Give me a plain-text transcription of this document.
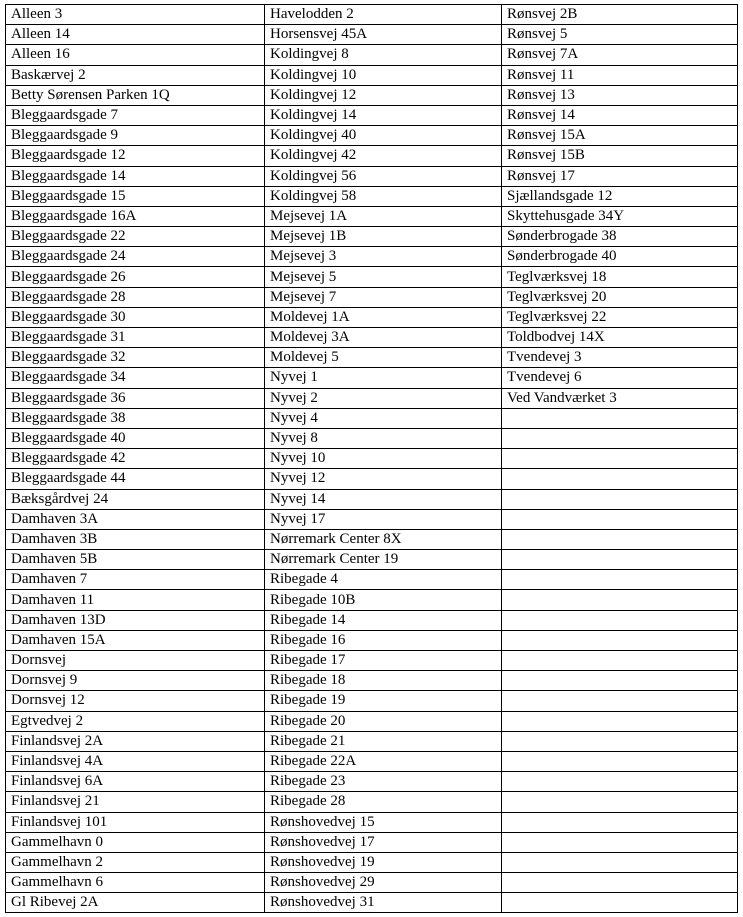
Alleen 3	Havelodden 2	Rønsvej 2B
Alleen 14	Horsensvej 45A	Rønsvej 5
Alleen 16	Koldingvej 8	Rønsvej 7A
Baskærvej 2	Koldingvej 10	Rønsvej 11
Betty Sørensen Parken 1Q	Koldingvej 12	Rønsvej 13
Bleggaardsgade 7	Koldingvej 14	Rønsvej 14
Bleggaardsgade 9	Koldingvej 40	Rønsvej 15A
Bleggaardsgade 12	Koldingvej 42	Rønsvej 15B
Bleggaardsgade 14	Koldingvej 56	Rønsvej 17
Bleggaardsgade 15	Koldingvej 58	Sjællandsgade 12
Bleggaardsgade 16A	Mejsevej 1A	Skyttehusgade 34Y
Bleggaardsgade 22	Mejsevej 1B	Sønderbrogade 38
Bleggaardsgade 24	Mejsevej 3	Sønderbrogade 40
Bleggaardsgade 26	Mejsevej 5	Teglværksvej 18
Bleggaardsgade 28	Mejsevej 7	Teglværksvej 20
Bleggaardsgade 30	Moldevej 1A	Teglværksvej 22
Bleggaardsgade 31	Moldevej 3A	Toldbodvej 14X
Bleggaardsgade 32	Moldevej 5	Tvendevej 3
Bleggaardsgade 34	Nyvej 1	Tvendevej 6
Bleggaardsgade 36	Nyvej 2	Ved Vandværket 3
Bleggaardsgade 38	Nyvej 4	
Bleggaardsgade 40	Nyvej 8	
Bleggaardsgade 42	Nyvej 10	
Bleggaardsgade 44	Nyvej 12	
Bæksgårdvej 24	Nyvej 14	
Damhaven 3A	Nyvej 17	
Damhaven 3B	Nørremark Center 8X	
Damhaven 5B	Nørremark Center 19	
Damhaven 7	Ribegade 4	
Damhaven 11	Ribegade 10B	
Damhaven 13D	Ribegade 14	
Damhaven 15A	Ribegade 16	
Dornsvej	Ribegade 17	
Dornsvej 9	Ribegade 18	
Dornsvej 12	Ribegade 19	
Egtvedvej 2	Ribegade 20	
Finlandsvej 2A	Ribegade 21	
Finlandsvej 4A	Ribegade 22A	
Finlandsvej 6A	Ribegade 23	
Finlandsvej 21	Ribegade 28	
Finlandsvej 101	Rønshovedvej 15	
Gammelhavn 0	Rønshovedvej 17	
Gammelhavn 2	Rønshovedvej 19	
Gammelhavn 6	Rønshovedvej 29	
Gl Ribevej 2A	Rønshovedvej 31	
